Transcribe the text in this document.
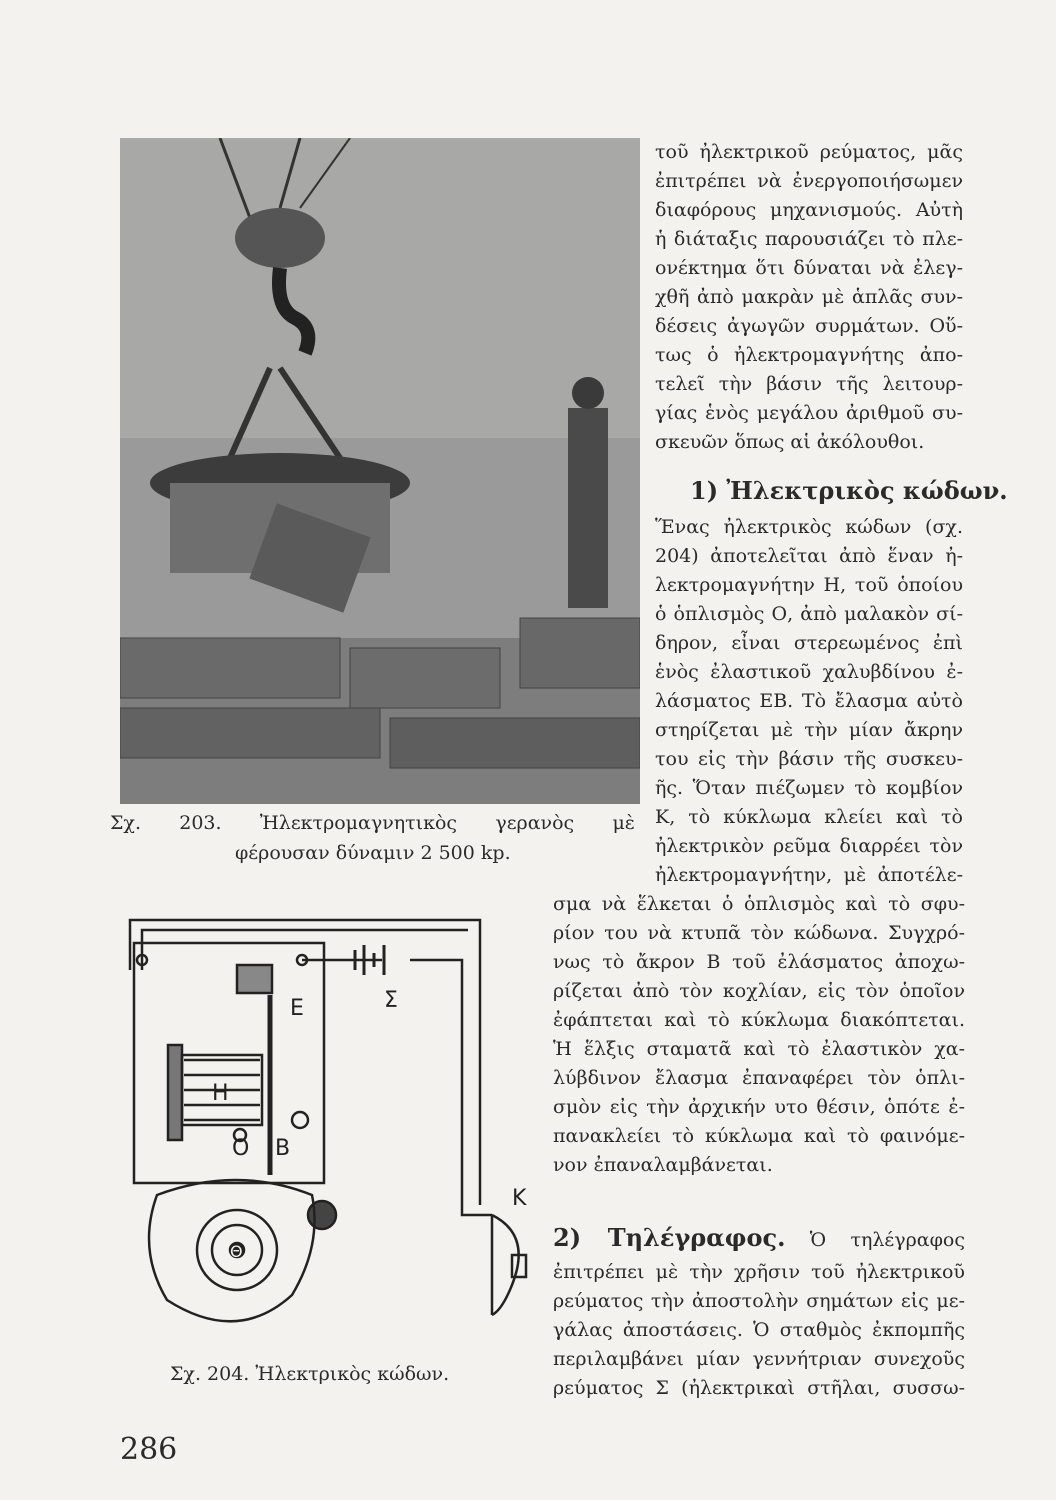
Σχ. 203. Ἠλεκτρομαγνητικὸς γερανὸς μὲ
φέρουσαν δύναμιν 2 500 kp.
E	Σ
H
O B
K
Θ
Σχ. 204. Ἠλεκτρικὸς κώδων.

τοῦ ἠλεκτρικοῦ ρεύματος, μᾶς

ἐπιτρέπει νὰ ἐνεργοποιήσωμεν

διαφόρους μηχανισμούς. Αὐτὴ

ἡ διάταξις παρουσιάζει τὸ πλε-

ονέκτημα ὅτι δύναται νὰ ἐλεγ-

χθῆ ἀπὸ μακρὰν μὲ ἁπλᾶς συν-

δέσεις ἀγωγῶν συρμάτων. Οὕ-

τως ὁ ἠλεκτρομαγνήτης ἀπο-

τελεῖ τὴν βάσιν τῆς λειτουρ-

γίας ἑνὸς μεγάλου ἀριθμοῦ συ-

σκευῶν ὅπως αἱ ἀκόλουθοι.

1) Ἠλεκτρικὸς κώδων.

Ἕνας ἠλεκτρικὸς κώδων (σχ.

204) ἀποτελεῖται ἀπὸ ἕναν ἠ-

λεκτρομαγνήτην Η, τοῦ ὁποίου

ὁ ὁπλισμὸς Ο, ἀπὸ μαλακὸν σί-

δηρον, εἶναι στερεωμένος ἐπὶ

ἑνὸς ἐλαστικοῦ χαλυβδίνου ἐ-

λάσματος ΕΒ. Τὸ ἔλασμα αὐτὸ

στηρίζεται μὲ τὴν μίαν ἄκρην

του εἰς τὴν βάσιν τῆς συσκευ-

ῆς. Ὅταν πιέζωμεν τὸ κομβίον

Κ, τὸ κύκλωμα κλείει καὶ τὸ

ἠλεκτρικὸν ρεῦμα διαρρέει τὸν

ἠλεκτρομαγνήτην, μὲ ἀποτέλε-

σμα νὰ ἕλκεται ὁ ὁπλισμὸς καὶ τὸ σφυ-

ρίον του νὰ κτυπᾶ τὸν κώδωνα. Συγχρό-

νως τὸ ἄκρον Β τοῦ ἐλάσματος ἀποχω-

ρίζεται ἀπὸ τὸν κοχλίαν, εἰς τὸν ὁποῖον

ἐφάπτεται καὶ τὸ κύκλωμα διακόπτεται.

Ἡ ἕλξις σταματᾶ καὶ τὸ ἐλαστικὸν χα-

λύβδινον ἔλασμα ἐπαναφέρει τὸν ὁπλι-

σμὸν εἰς τὴν ἀρχικήν υτο θέσιν, ὁπότε ἐ-

πανακλείει τὸ κύκλωμα καὶ τὸ φαινόμε-

νον ἐπαναλαμβάνεται.

2) Τηλέγραφος. Ὁ τηλέγραφος

ἐπιτρέπει μὲ τὴν χρῆσιν τοῦ ἠλεκτρικοῦ

ρεύματος τὴν ἀποστολὴν σημάτων εἰς με-

γάλας ἀποστάσεις. Ὁ σταθμὸς ἐκπομπῆς

περιλαμβάνει μίαν γεννήτριαν συνεχοῦς

ρεύματος Σ (ἠλεκτρικαὶ στῆλαι, συσσω-

286
